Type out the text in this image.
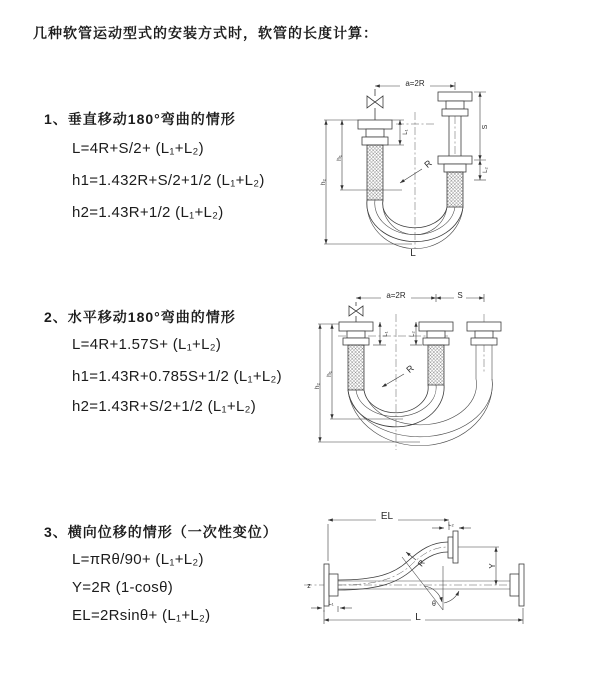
几种软管运动型式的安装方式时，软管的长度计算：
1、垂直移动180°弯曲的情形
L=4R+S/2+ (L₁+L₂)
h1=1.432R+S/2+1/2 (L₁+L₂)
h2=1.43R+1/2 (L₁+L₂)
a=2R
S
L₂
L₁
h₁
h₂
R
L
2、水平移动180°弯曲的情形
L=4R+1.57S+ (L₁+L₂)
h1=1.43R+0.785S+1/2 (L₁+L₂)
h2=1.43R+S/2+1/2 (L₁+L₂)
a=2R	S
L₁	L₂
h₁
h₂
R
3、横向位移的情形（一次性变位）
L=πRθ/90+ (L₁+L₂)
Y=2R (1-cosθ)
EL=2Rsinθ+ (L₁+L₂)
z
θ
R
EL
L₂
Y
L₁
L
